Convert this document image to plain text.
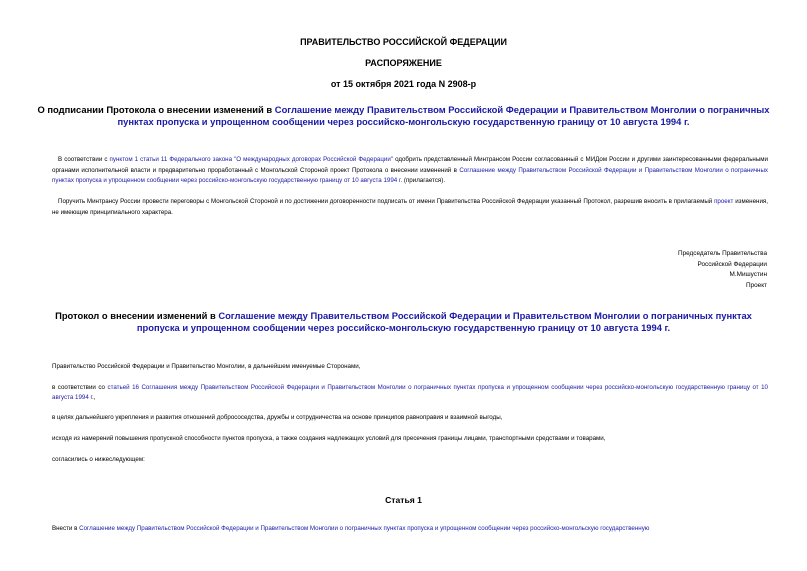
ПРАВИТЕЛЬСТВО РОССИЙСКОЙ ФЕДЕРАЦИИ
РАСПОРЯЖЕНИЕ
от 15 октября 2021 года N 2908-р
О подписании Протокола о внесении изменений в Соглашение между Правительством Российской Федерации и Правительством Монголии о пограничных пунктах пропуска и упрощенном сообщении через российско-монгольскую государственную границу от 10 августа 1994 г.
В соответствии с пунктом 1 статьи 11 Федерального закона "О международных договорах Российской Федерации" одобрить представленный Минтрансом России согласованный с МИДом России и другими заинтересованными федеральными органами исполнительной власти и предварительно проработанный с Монгольской Стороной проект Протокола о внесении изменений в Соглашение между Правительством Российской Федерации и Правительством Монголии о пограничных пунктах пропуска и упрощенном сообщении через российско-монгольскую государственную границу от 10 августа 1994 г. (прилагается).
Поручить Минтрансу России провести переговоры с Монгольской Стороной и по достижении договоренности подписать от имени Правительства Российской Федерации указанный Протокол, разрешив вносить в прилагаемый проект изменения, не имеющие принципиального характера.
Председатель Правительства
Российской Федерации
М.Мишустин
Проект
Протокол о внесении изменений в Соглашение между Правительством Российской Федерации и Правительством Монголии о пограничных пунктах пропуска и упрощенном сообщении через российско-монгольскую государственную границу от 10 августа 1994 г.
Правительство Российской Федерации и Правительство Монголии, в дальнейшем именуемые Сторонами,
в соответствии со статьей 16 Соглашения между Правительством Российской Федерации и Правительством Монголии о пограничных пунктах пропуска и упрощенном сообщении через российско-монгольскую государственную границу от 10 августа 1994 г.,
в целях дальнейшего укрепления и развития отношений добрососедства, дружбы и сотрудничества на основе принципов равноправия и взаимной выгоды,
исходя из намерений повышения пропускной способности пунктов пропуска, а также создания надлежащих условий для пресечения границы лицами, транспортными средствами и товарами,
согласились о нижеследующем:
Статья 1
Внести в Соглашение между Правительством Российской Федерации и Правительством Монголии о пограничных пунктах пропуска и упрощенном сообщении через российско-монгольскую государственную
